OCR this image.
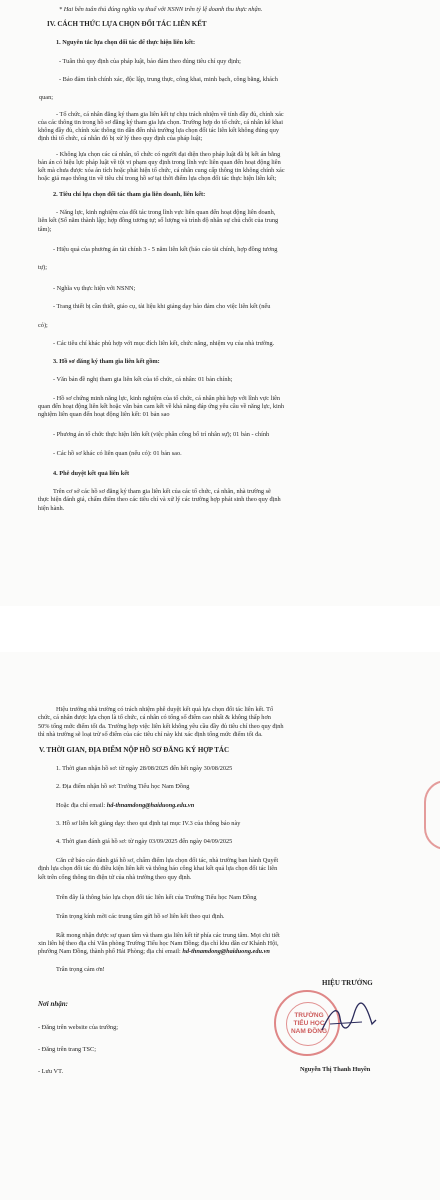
* Hai bên tuân thủ đúng nghĩa vụ thuế với NSNN trên tỷ lệ doanh thu thực nhận.
IV. CÁCH THỨC LỰA CHỌN ĐỐI TÁC LIÊN KẾT
1. Nguyên tắc lựa chọn đối tác để thực hiện liên kết:
- Tuân thủ quy định của pháp luật, bảo đảm theo đúng tiêu chí quy định;
- Bảo đảm tính chính xác, độc lập, trung thực, công khai, minh bạch, công bằng, khách
quan;
- Tổ chức, cá nhân đăng ký tham gia liên kết tự chịu trách nhiệm về tính đầy đủ, chính xác
của các thông tin trong hồ sơ đăng ký tham gia lựa chọn. Trường hợp do tổ chức, cá nhân kê khai
không đầy đủ, chính xác thông tin dẫn đến nhà trường lựa chọn đối tác liên kết không đúng quy
định thì tổ chức, cá nhân đó bị xử lý theo quy định của pháp luật;
- Không lựa chọn các cá nhân, tổ chức có người đại diện theo pháp luật đã bị kết án bằng
bản án có hiệu lực pháp luật về tội vi phạm quy định trong lĩnh vực liên quan đến hoạt động liên
kết mà chưa được xóa án tích hoặc phát hiện tổ chức, cá nhân cung cấp thông tin không chính xác
hoặc giả mạo thông tin về tiêu chí trong hồ sơ tại thời điểm lựa chọn đối tác thực hiện liên kết;
2. Tiêu chí lựa chọn đối tác tham gia liên doanh, liên kết:
- Năng lực, kinh nghiệm của đối tác trong lĩnh vực liên quan đến hoạt động liên doanh,
liên kết (Số năm thành lập; hợp đồng tương tự; số lượng và trình độ nhân sự chủ chốt của trung
tâm);
- Hiệu quả của phương án tài chính 3 - 5 năm liên kết (báo cáo tài chính, hợp đồng tương
tự);
- Nghĩa vụ thực hiện với NSNN;
- Trang thiết bị cần thiết, giáo cụ, tài liệu khi giảng dạy bảo đảm cho việc liên kết (nếu
có);
- Các tiêu chí khác phù hợp với mục đích liên kết, chức năng, nhiệm vụ của nhà trường.
3. Hồ sơ đăng ký tham gia liên kết gồm:
- Văn bản đề nghị tham gia liên kết của tổ chức, cá nhân: 01 bản chính;
- Hồ sơ chứng minh năng lực, kinh nghiệm của tổ chức, cá nhân phù hợp với lĩnh vực liên
quan đến hoạt động liên kết hoặc văn bản cam kết về khả năng đáp ứng yêu cầu về năng lực, kinh
nghiệm liên quan đến hoạt động liên kết: 01 bản sao
- Phương án tổ chức thực hiện liên kết (việc phân công bố trí nhân sự); 01 bản - chính
- Các hồ sơ khác có liên quan (nếu có): 01 bản sao.
4. Phê duyệt kết quả liên kết
Trên cơ sở các hồ sơ đăng ký tham gia liên kết của các tổ chức, cá nhân, nhà trường sẽ
thực hiện đánh giá, chấm điểm theo các tiêu chí và xử lý các trường hợp phát sinh theo quy định
hiện hành.
Hiệu trưởng nhà trường có trách nhiệm phê duyệt kết quả lựa chọn đối tác liên kết. Tổ
chức, cá nhân được lựa chọn là tổ chức, cá nhân có tổng số điểm cao nhất & không thấp hơn
50% tổng mức điểm tối đa. Trường hợp việc liên kết không yêu cầu đầy đủ tiêu chí theo quy định
thì nhà trường sẽ loại trừ số điểm của các tiêu chí này khi xác định tổng mức điểm tối đa.
V. THỜI GIAN, ĐỊA ĐIỂM NỘP HỒ SƠ ĐĂNG KÝ HỢP TÁC
1. Thời gian nhận hồ sơ: từ ngày 28/08/2025 đến hết ngày 30/08/2025
2. Địa điểm nhận hồ sơ: Trường Tiểu học Nam Đồng
Hoặc địa chỉ email: hd-thnamdong@haiduong.edu.vn
3. Hồ sơ liên kết giảng dạy: theo qui định tại mục IV.3 của thông báo này
4. Thời gian đánh giá hồ sơ: từ ngày 03/09/2025 đến ngày 04/09/2025
Căn cứ báo cáo đánh giá hồ sơ, chấm điểm lựa chọn đối tác, nhà trường ban hành Quyết
định lựa chọn đối tác đủ điều kiện liên kết và thông báo công khai kết quả lựa chọn đối tác liên
kết trên cổng thông tin điện tử của nhà trường theo quy định.
Trên đây là thông báo lựa chọn đối tác liên kết của Trường Tiểu học Nam Đồng
Trân trọng kính mời các trung tâm gửi hồ sơ liên kết theo qui định.
Rất mong nhận được sự quan tâm và tham gia liên kết từ phía các trung tâm. Mọi chi tiết
xin liên hệ theo địa chỉ Văn phòng Trường Tiểu học Nam Đồng; địa chỉ khu dân cư Khánh Hội,
phường Nam Đồng, thành phố Hải Phòng; địa chỉ email: hd-thnamdong@haiduong.edu.vn
Trân trọng cảm ơn!
Nơi nhận:
- Đăng trên website của trường;
- Đăng trên trang TSC;
- Lưu VT.
HIỆU TRƯỞNG
TRƯỜNG
TIỂU HỌC
NAM ĐỒNG
Nguyễn Thị Thanh Huyền
